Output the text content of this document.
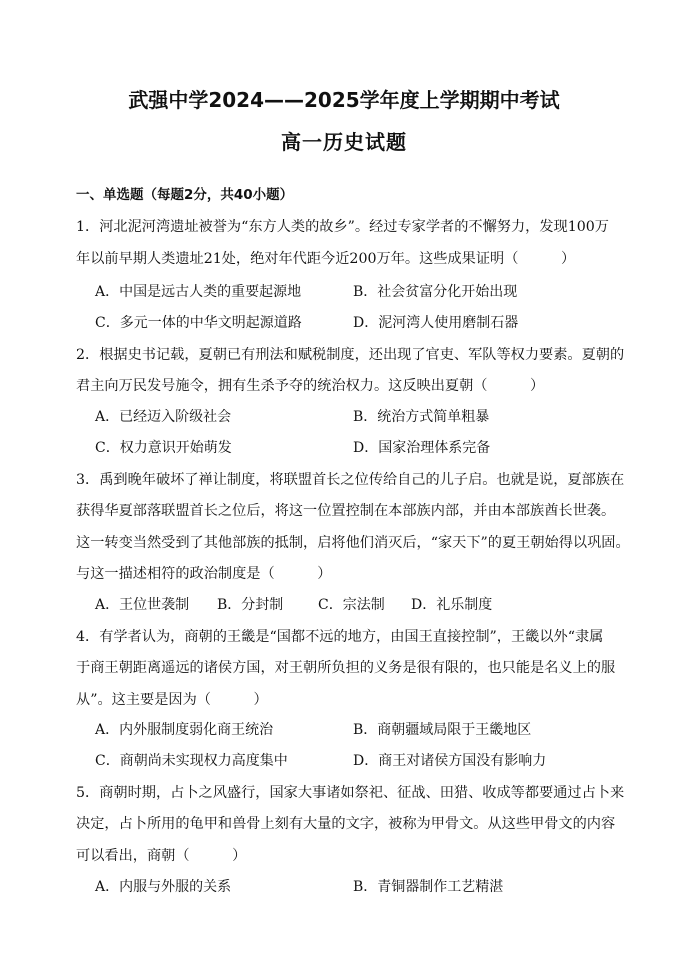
武强中学2024——2025学年度上学期期中考试
高一历史试题
一、单选题（每题2分，共40小题）
1．河北泥河湾遗址被誉为“东方人类的故乡”。经过专家学者的不懈努力，发现100万
年以前早期人类遗址21处，绝对年代距今近200万年。这些成果证明（　　　）
A．中国是远古人类的重要起源地	B．社会贫富分化开始出现
C．多元一体的中华文明起源道路	D．泥河湾人使用磨制石器
2．根据史书记载，夏朝已有刑法和赋税制度，还出现了官吏、军队等权力要素。夏朝的
君主向万民发号施令，拥有生杀予夺的统治权力。这反映出夏朝（　　　）
A．已经迈入阶级社会	B．统治方式简单粗暴
C．权力意识开始萌发	D．国家治理体系完备
3．禹到晚年破坏了禅让制度，将联盟首长之位传给自己的儿子启。也就是说，夏部族在
获得华夏部落联盟首长之位后，将这一位置控制在本部族内部，并由本部族酋长世袭。
这一转变当然受到了其他部族的抵制，启将他们消灭后，“家天下”的夏王朝始得以巩固。
与这一描述相符的政治制度是（　　　）
A．王位世袭制 B．分封制 C．宗法制 D．礼乐制度
4．有学者认为，商朝的王畿是“国都不远的地方，由国王直接控制”，王畿以外“隶属
于商王朝距离遥远的诸侯方国，对王朝所负担的义务是很有限的，也只能是名义上的服
从”。这主要是因为（　　　）
A．内外服制度弱化商王统治	B．商朝疆域局限于王畿地区
C．商朝尚未实现权力高度集中	D．商王对诸侯方国没有影响力
5．商朝时期，占卜之风盛行，国家大事诸如祭祀、征战、田猎、收成等都要通过占卜来
决定，占卜所用的龟甲和兽骨上刻有大量的文字，被称为甲骨文。从这些甲骨文的内容
可以看出，商朝（　　　）
A．内服与外服的关系	B．青铜器制作工艺精湛
